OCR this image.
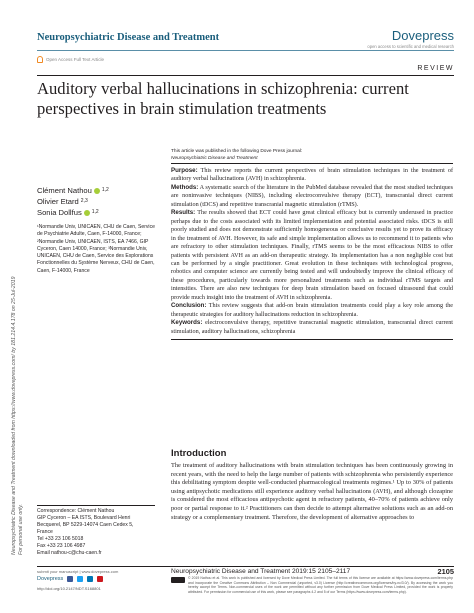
Neuropsychiatric Disease and Treatment downloaded from https://www.dovepress.com/ by 181.214.4.178 on 25-Jul-2019 For personal use only.
Neuropsychiatric Disease and Treatment	Dovepress
open access to scientific and medical research
Open Access Full Text Article
REVIEW
Auditory verbal hallucinations in schizophrenia: current perspectives in brain stimulation treatments
This article was published in the following Dove Press journal:
Neuropsychiatric Disease and Treatment
Clément Nathou 1,2
Olivier Etard 2,3
Sonia Dollfus 1,2
¹Normandie Univ, UNICAEN, CHU de Caen, Service de Psychiatrie Adulte, Caen, F-14000, France; ²Normandie Univ, UNICAEN, ISTS, EA 7466, GIP Cyceron, Caen 14000, France; ³Normandie Univ, UNICAEN, CHU de Caen, Service des Explorations Fonctionnelles du Système Nerveux, CHU de Caen, Caen, F-14000, France

Purpose: This review reports the current perspectives of brain stimulation techniques in the treatment of auditory verbal hallucinations (AVH) in schizophrenia.

Methods: A systematic search of the literature in the PubMed database revealed that the most studied techniques are noninvasive techniques (NIBS), including electroconvulsive therapy (ECT), transcranial direct current stimulation (tDCS) and repetitive transcranial magnetic stimulation (rTMS).

Results: The results showed that ECT could have great clinical efficacy but is currently underused in practice perhaps due to the costs associated with its limited implementation and potential associated risks. tDCS is still poorly studied and does not demonstrate sufficiently homogeneous or conclusive results yet to prove its efficacy in the treatment of AVH. However, its safe and simple implementation allows us to recommend it to patients who are refractory to other stimulation techniques. Finally, rTMS seems to be the most efficacious NIBS to offer patients with persistent AVH as an add-on therapeutic strategy. Its implementation has a non negligible cost but can be performed by a single practitioner. Great evolution in these techniques with technological progress, robotics and computer science are currently being tested and will undoubtedly improve the clinical efficacy of these procedures, particularly towards more personalized treatments such as individual rTMS targets and intensities. There are also new techniques for deep brain stimulation based on focused ultrasound that could provide much insight into the treatment of AVH in schizophrenia.

Conclusion: This review suggests that add-on brain stimulation treatments could play a key role among the therapeutic strategies for auditory hallucinations reduction in schizophrenia.

Keywords: electroconvulsive therapy, repetitive transcranial magnetic stimulation, transcranial direct current stimulation, auditory hallucinations, schizophrenia

Introduction

The treatment of auditory hallucinations with brain stimulation techniques has been continuously growing in recent years, with the need to help the large number of patients with schizophrenia who persistently experience this debilitating symptom despite well-conducted pharmacological treatments regimes.¹ Up to 30% of patients using antipsychotic medications still experience auditory verbal hallucinations (AVH), and although clozapine is considered the most efficacious antipsychotic agent in refractory patients, 40–70% of patients achieve only poor or partial response to it.² Practitioners can then decide to attempt alternative solutions such as an add-on strategy or a complementary treatment. Therefore, the development of alternative approaches to

Correspondence: Clément Nathou
GIP Cyceron – EA ISTS, Boulevard Henri
Becquerel, BP 5229-14074 Caen Cedex 5,
France
Tel +33 23 106 5018
Fax +33 23 106 4987
Email nathou-c@chu-caen.fr
submit your manuscript | www.dovepress.com
Dovepress
http://doi.org/10.2147/NDT.S168801
Neuropsychiatric Disease and Treatment 2019:15 2105–2117	2105
© 2019 Nathou et al. This work is published and licensed by Dove Medical Press Limited. The full terms of this license are available at https://www.dovepress.com/terms.php and incorporate the Creative Commons Attribution – Non Commercial (unported, v3.0) License (http://creativecommons.org/licenses/by-nc/3.0/). By accessing the work you hereby accept the Terms. Non-commercial uses of the work are permitted without any further permission from Dove Medical Press Limited, provided the work is properly attributed. For permission for commercial use of this work, please see paragraphs 4.2 and 5 of our Terms (https://www.dovepress.com/terms.php).
